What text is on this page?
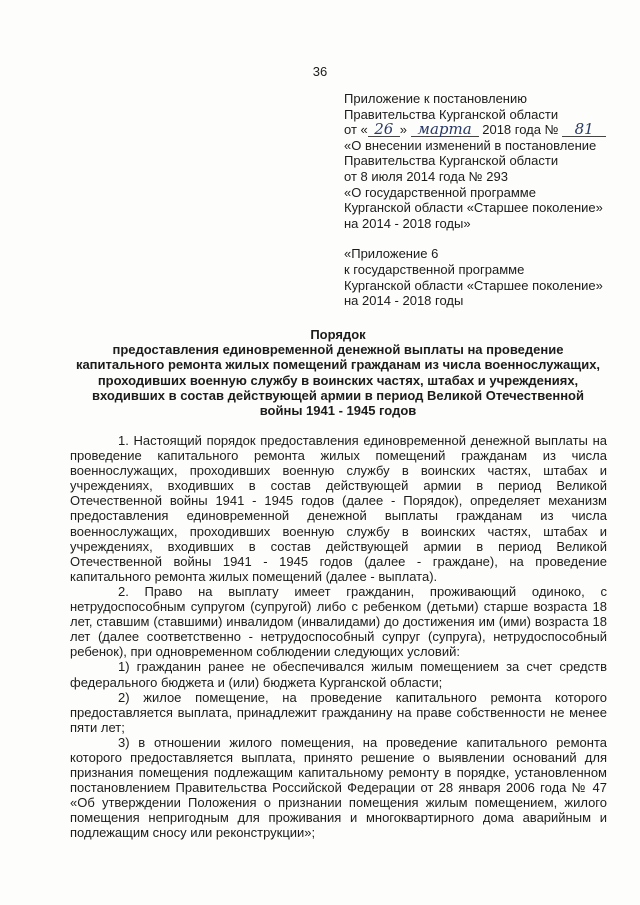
36
Приложение к постановлению
Правительства Курганской области
от « 26 » марта 2018 года № 81
«О внесении изменений в постановление
Правительства Курганской области
от 8 июля 2014 года № 293
«О государственной программе
Курганской области «Старшее поколение»
на 2014 - 2018 годы»
«Приложение 6
к государственной программе
Курганской области «Старшее поколение»
на 2014 - 2018 годы
Порядок
предоставления единовременной денежной выплаты на проведение
капитального ремонта жилых помещений гражданам из числа военнослужащих,
проходивших военную службу в воинских частях, штабах и учреждениях,
входивших в состав действующей армии в период Великой Отечественной
войны 1941 - 1945 годов

1. Настоящий порядок предоставления единовременной денежной выплаты на проведение капитального ремонта жилых помещений гражданам из числа военнослужащих, проходивших военную службу в воинских частях, штабах и учреждениях, входивших в состав действующей армии в период Великой Отечественной войны 1941 - 1945 годов (далее - Порядок), определяет механизм предоставления единовременной денежной выплаты гражданам из числа военнослужащих, проходивших военную службу в воинских частях, штабах и учреждениях, входивших в состав действующей армии в период Великой Отечественной войны 1941 - 1945 годов (далее - граждане), на проведение капитального ремонта жилых помещений (далее - выплата).

2. Право на выплату имеет гражданин, проживающий одиноко, с нетрудоспособным супругом (супругой) либо с ребенком (детьми) старше возраста 18 лет, ставшим (ставшими) инвалидом (инвалидами) до достижения им (ими) возраста 18 лет (далее соответственно - нетрудоспособный супруг (супруга), нетрудоспособный ребенок), при одновременном соблюдении следующих условий:

1) гражданин ранее не обеспечивался жилым помещением за счет средств федерального бюджета и (или) бюджета Курганской области;

2) жилое помещение, на проведение капитального ремонта которого предоставляется выплата, принадлежит гражданину на праве собственности не менее пяти лет;

3) в отношении жилого помещения, на проведение капитального ремонта которого предоставляется выплата, принято решение о выявлении оснований для признания помещения подлежащим капитальному ремонту в порядке, установленном постановлением Правительства Российской Федерации от 28 января 2006 года № 47 «Об утверждении Положения о признании помещения жилым помещением, жилого помещения непригодным для проживания и многоквартирного дома аварийным и подлежащим сносу или реконструкции»;
